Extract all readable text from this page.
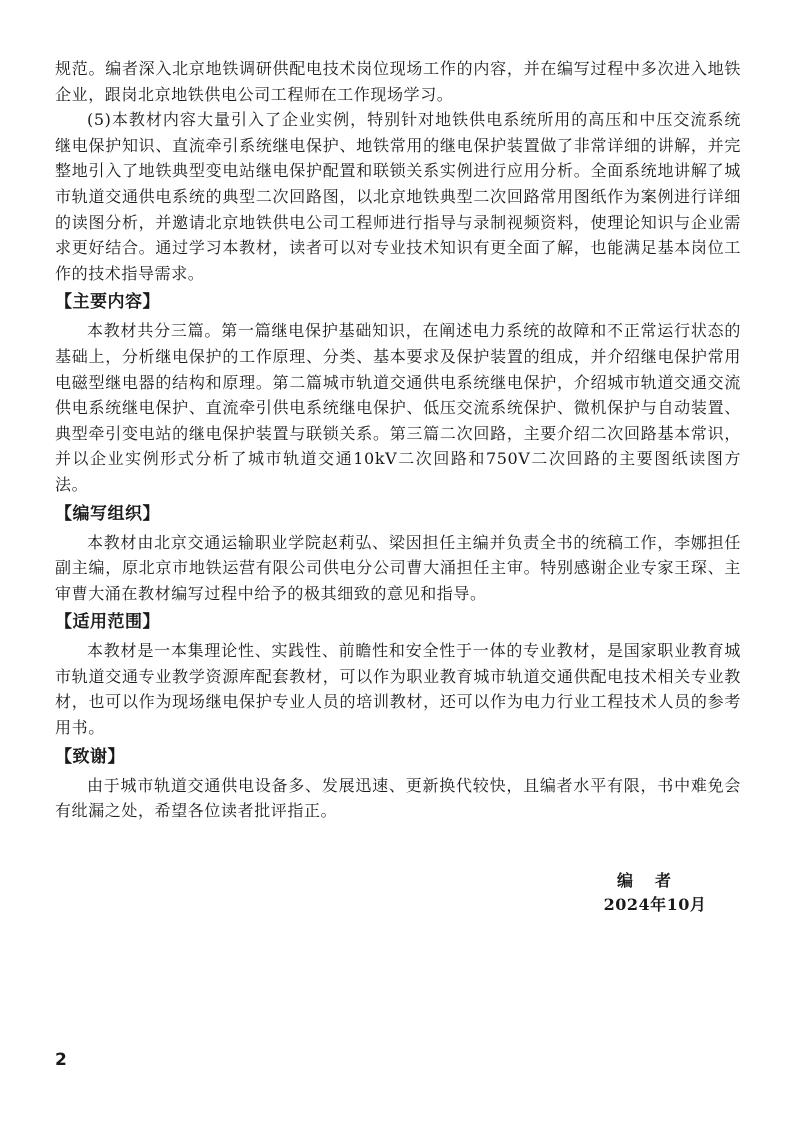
规范。编者深入北京地铁调研供配电技术岗位现场工作的内容，并在编写过程中多次进入地铁企业，跟岗北京地铁供电公司工程师在工作现场学习。

(5)本教材内容大量引入了企业实例，特别针对地铁供电系统所用的高压和中压交流系统继电保护知识、直流牵引系统继电保护、地铁常用的继电保护装置做了非常详细的讲解，并完整地引入了地铁典型变电站继电保护配置和联锁关系实例进行应用分析。全面系统地讲解了城市轨道交通供电系统的典型二次回路图，以北京地铁典型二次回路常用图纸作为案例进行详细的读图分析，并邀请北京地铁供电公司工程师进行指导与录制视频资料，使理论知识与企业需求更好结合。通过学习本教材，读者可以对专业技术知识有更全面了解，也能满足基本岗位工作的技术指导需求。

【主要内容】

本教材共分三篇。第一篇继电保护基础知识，在阐述电力系统的故障和不正常运行状态的基础上，分析继电保护的工作原理、分类、基本要求及保护装置的组成，并介绍继电保护常用电磁型继电器的结构和原理。第二篇城市轨道交通供电系统继电保护，介绍城市轨道交通交流供电系统继电保护、直流牵引供电系统继电保护、低压交流系统保护、微机保护与自动装置、典型牵引变电站的继电保护装置与联锁关系。第三篇二次回路，主要介绍二次回路基本常识，并以企业实例形式分析了城市轨道交通10kV二次回路和750V二次回路的主要图纸读图方法。

【编写组织】

本教材由北京交通运输职业学院赵莉弘、梁因担任主编并负责全书的统稿工作，李娜担任副主编，原北京市地铁运营有限公司供电分公司曹大涌担任主审。特别感谢企业专家王琛、主审曹大涌在教材编写过程中给予的极其细致的意见和指导。

【适用范围】

本教材是一本集理论性、实践性、前瞻性和安全性于一体的专业教材，是国家职业教育城市轨道交通专业教学资源库配套教材，可以作为职业教育城市轨道交通供配电技术相关专业教材，也可以作为现场继电保护专业人员的培训教材，还可以作为电力行业工程技术人员的参考用书。

【致谢】

由于城市轨道交通供电设备多、发展迅速、更新换代较快，且编者水平有限，书中难免会有纰漏之处，希望各位读者批评指正。

编者
2024年10月
2
